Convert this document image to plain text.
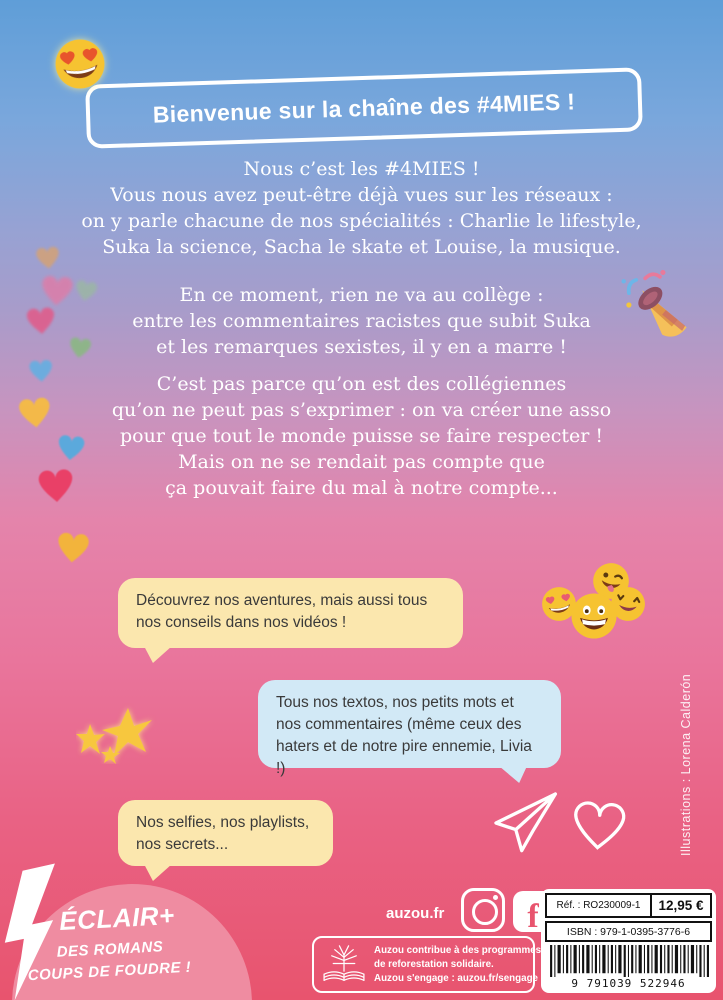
Bienvenue sur la chaîne des #4MIES !
Nous c’est les #4MIES !
Vous nous avez peut-être déjà vues sur les réseaux :
on y parle chacune de nos spécialités : Charlie le lifestyle,
Suka la science, Sacha le skate et Louise, la musique.
En ce moment, rien ne va au collège :
entre les commentaires racistes que subit Suka
et les remarques sexistes, il y en a marre !
C’est pas parce qu’on est des collégiennes
qu’on ne peut pas s’exprimer : on va créer une asso
pour que tout le monde puisse se faire respecter !
Mais on ne se rendait pas compte que
ça pouvait faire du mal à notre compte...
Découvrez nos aventures, mais aussi tous nos conseils dans nos vidéos !
Tous nos textos, nos petits mots et nos commentaires (même ceux des haters et de notre pire ennemie, Livia !)
Nos selfies, nos playlists, nos secrets...	Illustrations : Lorena Calderón
ÉCLAIR+
DES ROMANS
COUPS DE FOUDRE !
auzou.fr f
Auzou contribue à des programmes
de reforestation solidaire.
Auzou s'engage : auzou.fr/sengage
Réf. : RO230009-1	12,95 €
ISBN : 979-1-0395-3776-6
9 791039 522946
